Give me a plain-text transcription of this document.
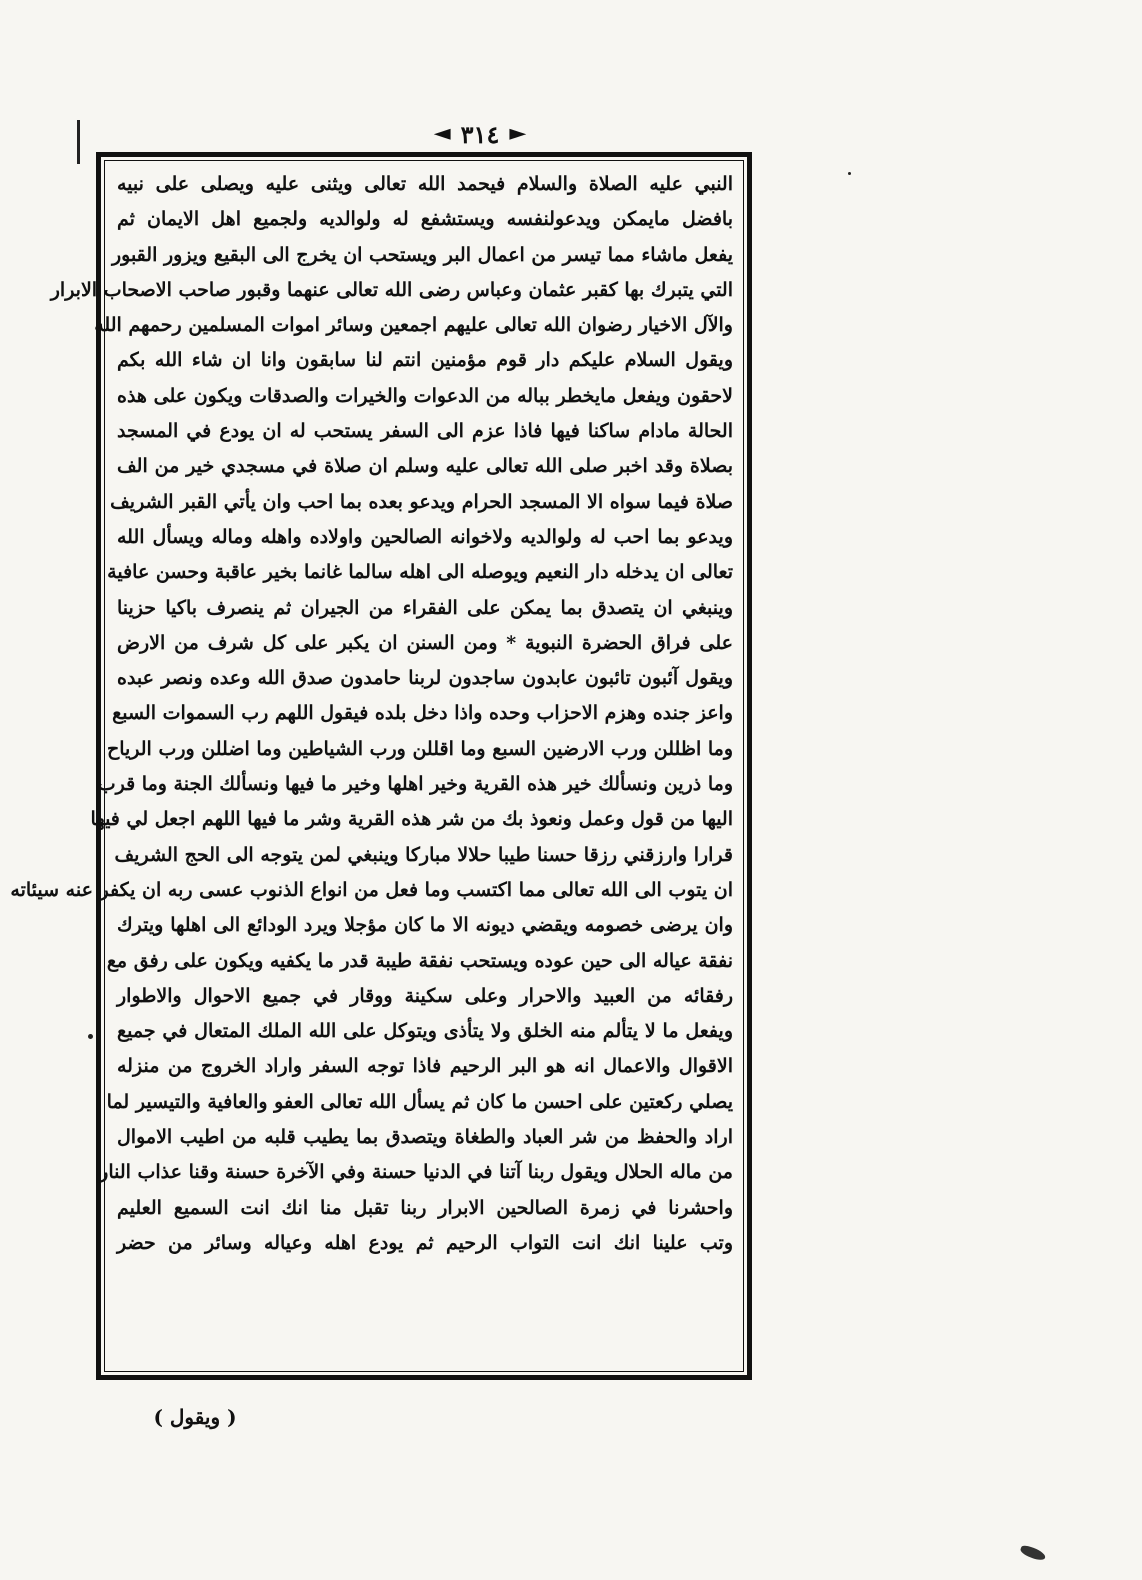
◄ ٣١٤ ►
النبي عليه الصلاة والسلام فيحمد الله تعالى ويثنى عليه ويصلى على نبيه
بافضل مايمكن ويدعولنفسه ويستشفع له ولوالديه ولجميع اهل الايمان ثم
يفعل ماشاء مما تيسر من اعمال البر ويستحب ان يخرج الى البقيع ويزور القبور
التي يتبرك بها كقبر عثمان وعباس رضى الله تعالى عنهما وقبور صاحب الاصحاب الابرار
والآل الاخيار رضوان الله تعالى عليهم اجمعين وسائر اموات المسلمين رحمهم الله
ويقول السلام عليكم دار قوم مؤمنين انتم لنا سابقون وانا ان شاء الله بكم
لاحقون ويفعل مايخطر بباله من الدعوات والخيرات والصدقات ويكون على هذه
الحالة مادام ساكنا فيها فاذا عزم الى السفر يستحب له ان يودع في المسجد
بصلاة وقد اخبر صلى الله تعالى عليه وسلم ان صلاة في مسجدي خير من الف
صلاة فيما سواه الا المسجد الحرام ويدعو بعده بما احب وان يأتي القبر الشريف
ويدعو بما احب له ولوالديه ولاخوانه الصالحين واولاده واهله وماله ويسأل الله
تعالى ان يدخله دار النعيم ويوصله الى اهله سالما غانما بخير عاقبة وحسن عافية
وينبغي ان يتصدق بما يمكن على الفقراء من الجيران ثم ينصرف باكيا حزينا
على فراق الحضرة النبوية * ومن السنن ان يكبر على كل شرف من الارض
ويقول آئبون تائبون عابدون ساجدون لربنا حامدون صدق الله وعده ونصر عبده
واعز جنده وهزم الاحزاب وحده واذا دخل بلده فيقول اللهم رب السموات السبع
وما اظللن ورب الارضين السبع وما اقللن ورب الشياطين وما اضللن ورب الرياح
وما ذرين ونسألك خير هذه القرية وخير اهلها وخير ما فيها ونسألك الجنة وما قرب
اليها من قول وعمل ونعوذ بك من شر هذه القرية وشر ما فيها اللهم اجعل لي فيها
قرارا وارزقني رزقا حسنا طيبا حلالا مباركا وينبغي لمن يتوجه الى الحج الشريف
ان يتوب الى الله تعالى مما اكتسب وما فعل من انواع الذنوب عسى ربه ان يكفر عنه سيئاته
وان يرضى خصومه ويقضي ديونه الا ما كان مؤجلا ويرد الودائع الى اهلها ويترك
نفقة عياله الى حين عوده ويستحب نفقة طيبة قدر ما يكفيه ويكون على رفق مع
رفقائه من العبيد والاحرار وعلى سكينة ووقار في جميع الاحوال والاطوار
ويفعل ما لا يتألم منه الخلق ولا يتأذى ويتوكل على الله الملك المتعال في جميع
الاقوال والاعمال انه هو البر الرحيم فاذا توجه السفر واراد الخروج من منزله
يصلي ركعتين على احسن ما كان ثم يسأل الله تعالى العفو والعافية والتيسير لما
اراد والحفظ من شر العباد والطغاة ويتصدق بما يطيب قلبه من اطيب الاموال
من ماله الحلال ويقول ربنا آتنا في الدنيا حسنة وفي الآخرة حسنة وقنا عذاب النار
واحشرنا في زمرة الصالحين الابرار ربنا تقبل منا انك انت السميع العليم
وتب علينا انك انت التواب الرحيم ثم يودع اهله وعياله وسائر من حضر
( ويقول )
